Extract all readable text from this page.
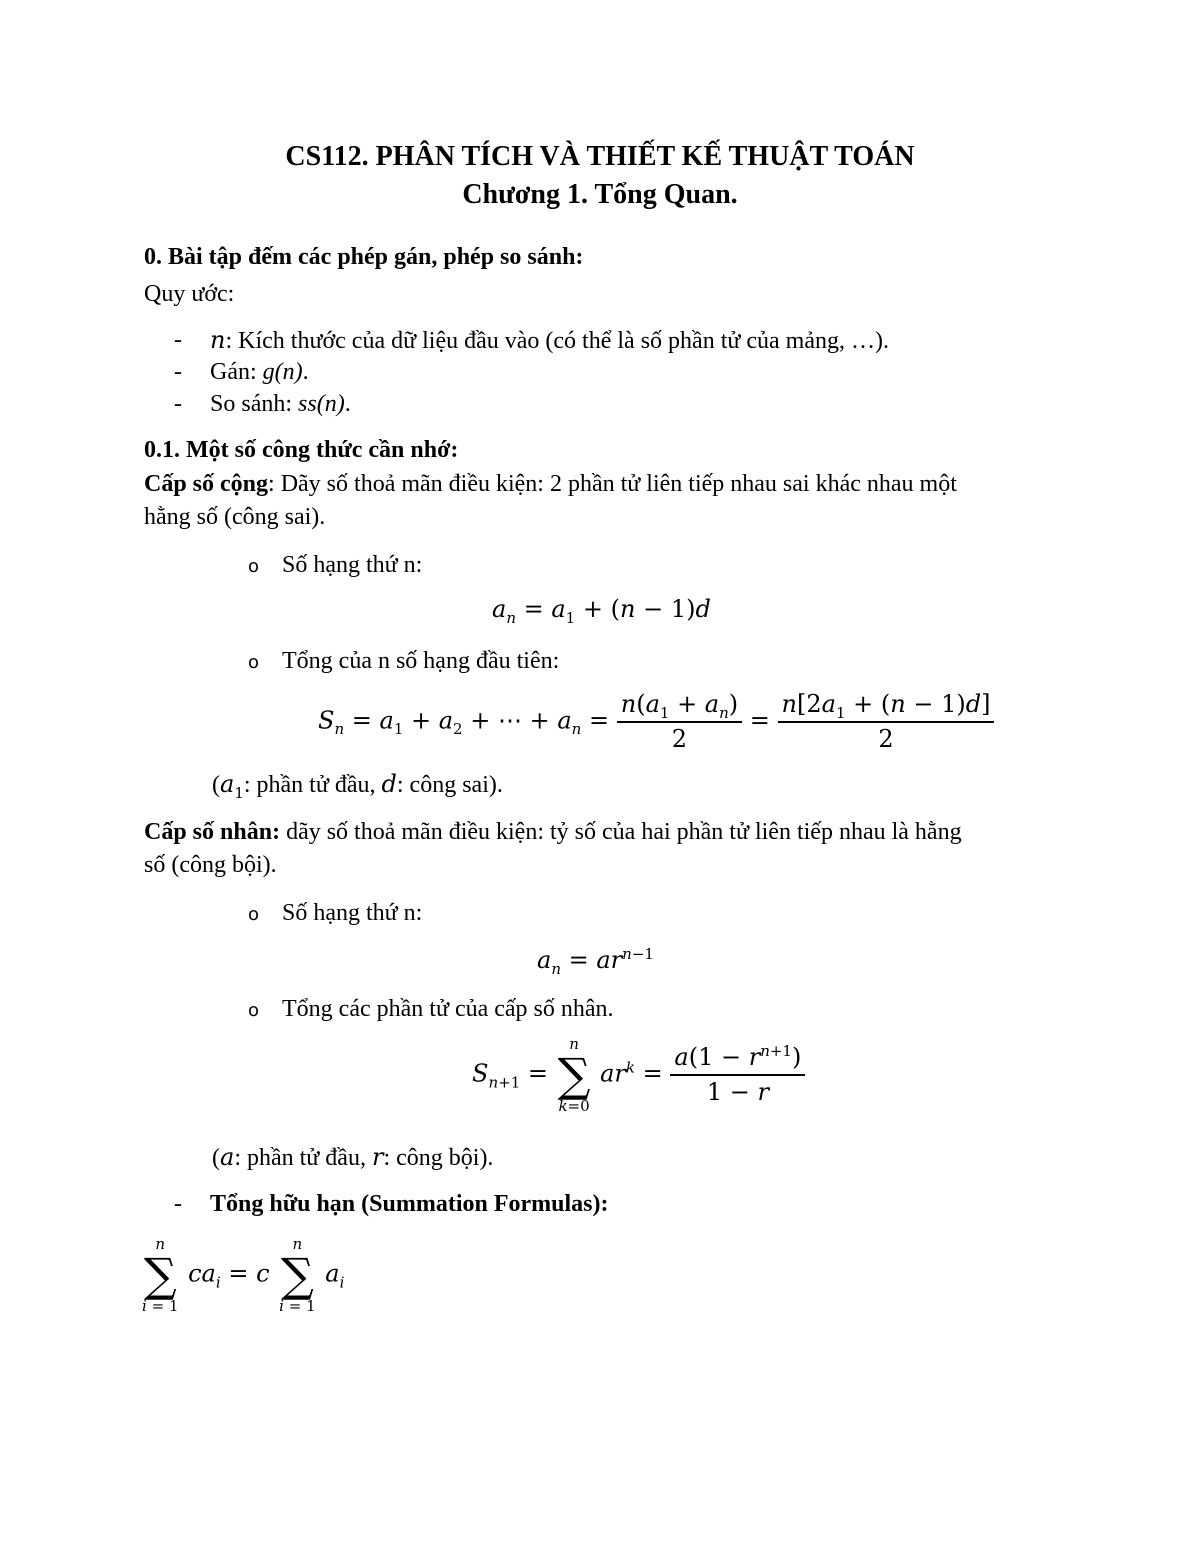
CS112. PHÂN TÍCH VÀ THIẾT KẾ THUẬT TOÁN
Chương 1. Tổng Quan.
0. Bài tập đếm các phép gán, phép so sánh:
Quy ước:
- n: Kích thước của dữ liệu đầu vào (có thể là số phần tử của mảng, …).
- Gán: g(n).
- So sánh: ss(n).
0.1. Một số công thức cần nhớ:
Cấp số cộng: Dãy số thoả mãn điều kiện: 2 phần tử liên tiếp nhau sai khác nhau một
hằng số (công sai).
o Số hạng thứ n:
$a_n = a_1 + (n - 1)d$
o Tổng của n số hạng đầu tiên:
$S_n = a_1 + a_2$ + ⋯ + $a_n = \frac{n(a_1 + a_n)}{2} = \frac{n[2a_1 + (n - 1)d]}{2}$
($a_1$: phần tử đầu, d: công sai).
Cấp số nhân: dãy số thoả mãn điều kiện: tỷ số của hai phần tử liên tiếp nhau là hằng
số (công bội).
o Số hạng thứ n:
$a_n = ar^{n-1}$
o Tổng các phần tử của cấp số nhân.
$S_{n+1}$ =
n
∑
k=0
$ar^k = \frac{a(1 - r^{n+1})}{1 - r}$
(a: phần tử đầu, r: công bội).
- Tổng hữu hạn (Summation Formulas):
n
∑
i = 1
$ca_i = c$
n
∑
i = 1
$a_i$
